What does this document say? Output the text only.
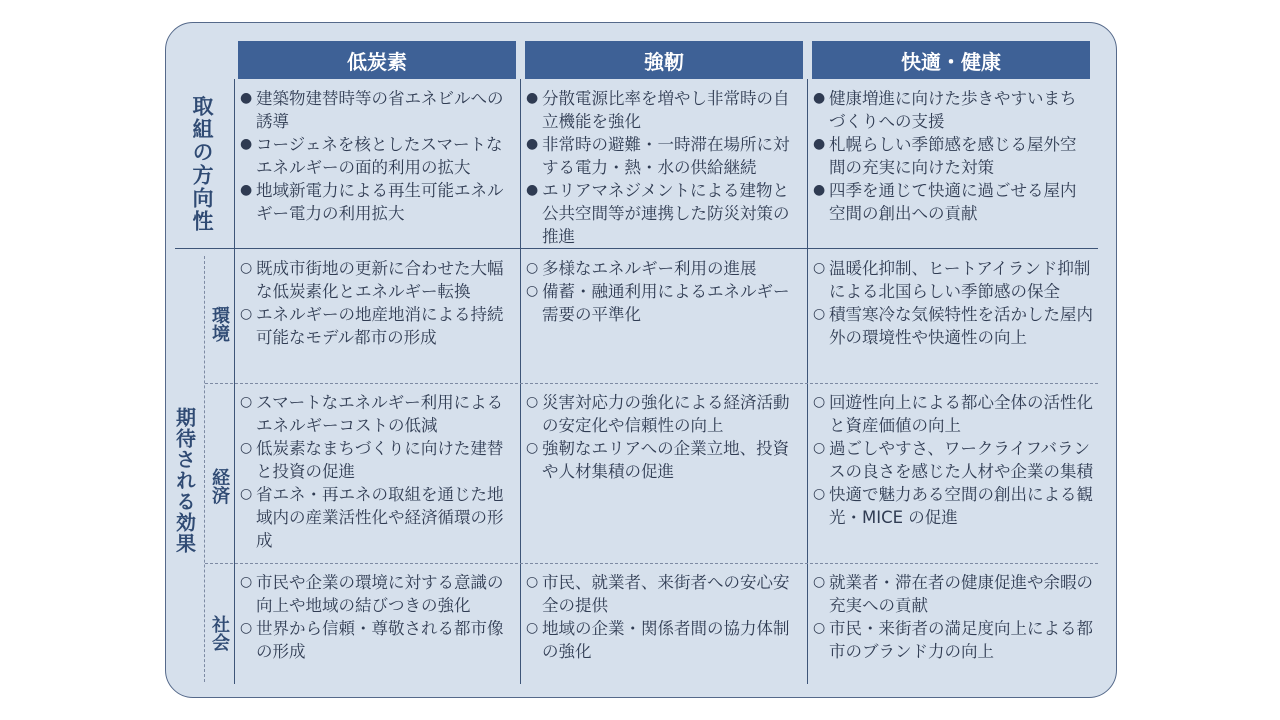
低炭素	強靭	快適・健康
取組の方向性
期待される効果
環境
経済
社会
● 建築物建替時等の省エネビルへの誘導
● コージェネを核としたスマートなエネルギーの面的利用の拡大
● 地域新電力による再生可能エネルギー電力の利用拡大
● 分散電源比率を増やし非常時の自立機能を強化
● 非常時の避難・一時滞在場所に対する電力・熱・水の供給継続
● エリアマネジメントによる建物と公共空間等が連携した防災対策の推進
● 健康増進に向けた歩きやすいまちづくりへの支援
● 札幌らしい季節感を感じる屋外空間の充実に向けた対策
● 四季を通じて快適に過ごせる屋内空間の創出への貢献
○ 既成市街地の更新に合わせた大幅な低炭素化とエネルギー転換
○ エネルギーの地産地消による持続可能なモデル都市の形成
○ 多様なエネルギー利用の進展
○ 備蓄・融通利用によるエネルギー需要の平準化
○ 温暖化抑制、ヒートアイランド抑制による北国らしい季節感の保全
○ 積雪寒冷な気候特性を活かした屋内外の環境性や快適性の向上
○ スマートなエネルギー利用によるエネルギーコストの低減
○ 低炭素なまちづくりに向けた建替と投資の促進
○ 省エネ・再エネの取組を通じた地域内の産業活性化や経済循環の形成
○ 災害対応力の強化による経済活動の安定化や信頼性の向上
○ 強靭なエリアへの企業立地、投資や人材集積の促進
○ 回遊性向上による都心全体の活性化と資産価値の向上
○ 過ごしやすさ、ワークライフバランスの良さを感じた人材や企業の集積
○ 快適で魅力ある空間の創出による観光・MICE の促進
○ 市民や企業の環境に対する意識の向上や地域の結びつきの強化
○ 世界から信頼・尊敬される都市像の形成
○ 市民、就業者、来街者への安心安全の提供
○ 地域の企業・関係者間の協力体制の強化
○ 就業者・滞在者の健康促進や余暇の充実への貢献
○ 市民・来街者の満足度向上による都市のブランド力の向上
